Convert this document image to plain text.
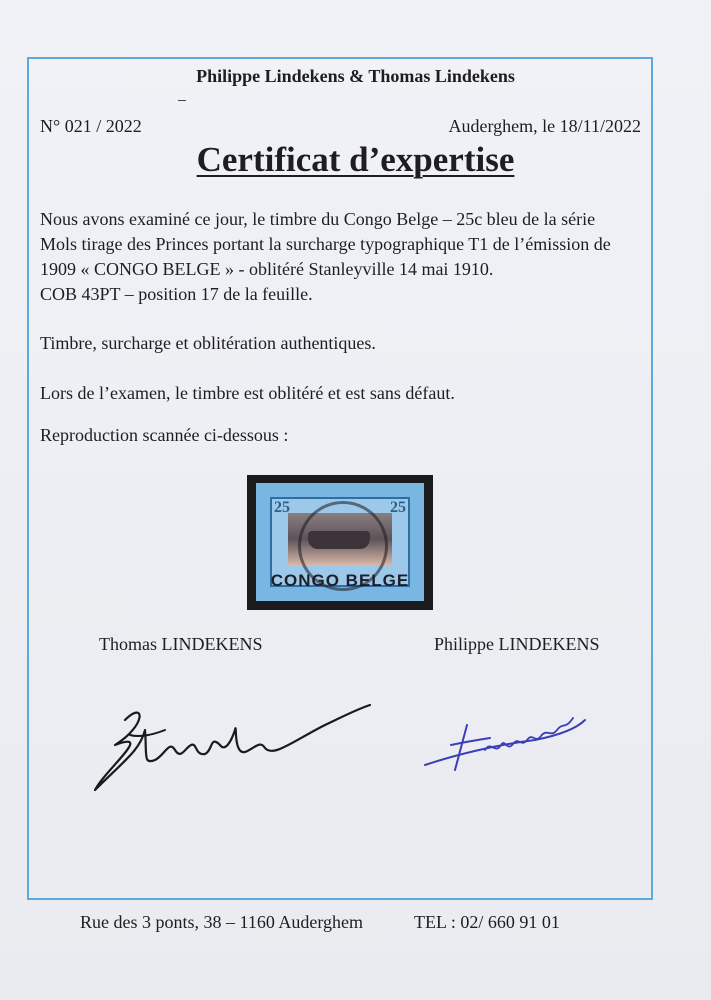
Philippe Lindekens & Thomas Lindekens
N° 021 / 2022	Auderghem, le 18/11/2022
Certificat d’expertise
Nous avons examiné ce jour, le timbre du Congo Belge – 25c bleu de la série
Mols tirage des Princes portant la surcharge typographique T1 de l’émission de
1909 « CONGO BELGE » - oblitéré Stanleyville 14 mai 1910.
COB 43PT – position 17 de la feuille.
Timbre, surcharge et oblitération authentiques.
Lors de l’examen, le timbre est oblitéré et est sans défaut.
Reproduction scannée ci-dessous :
25	25
CONGO BELGE
Thomas LINDEKENS	Philippe LINDEKENS
Rue des 3 ponts, 38 – 1160 Auderghem	TEL : 02/ 660 91 01
